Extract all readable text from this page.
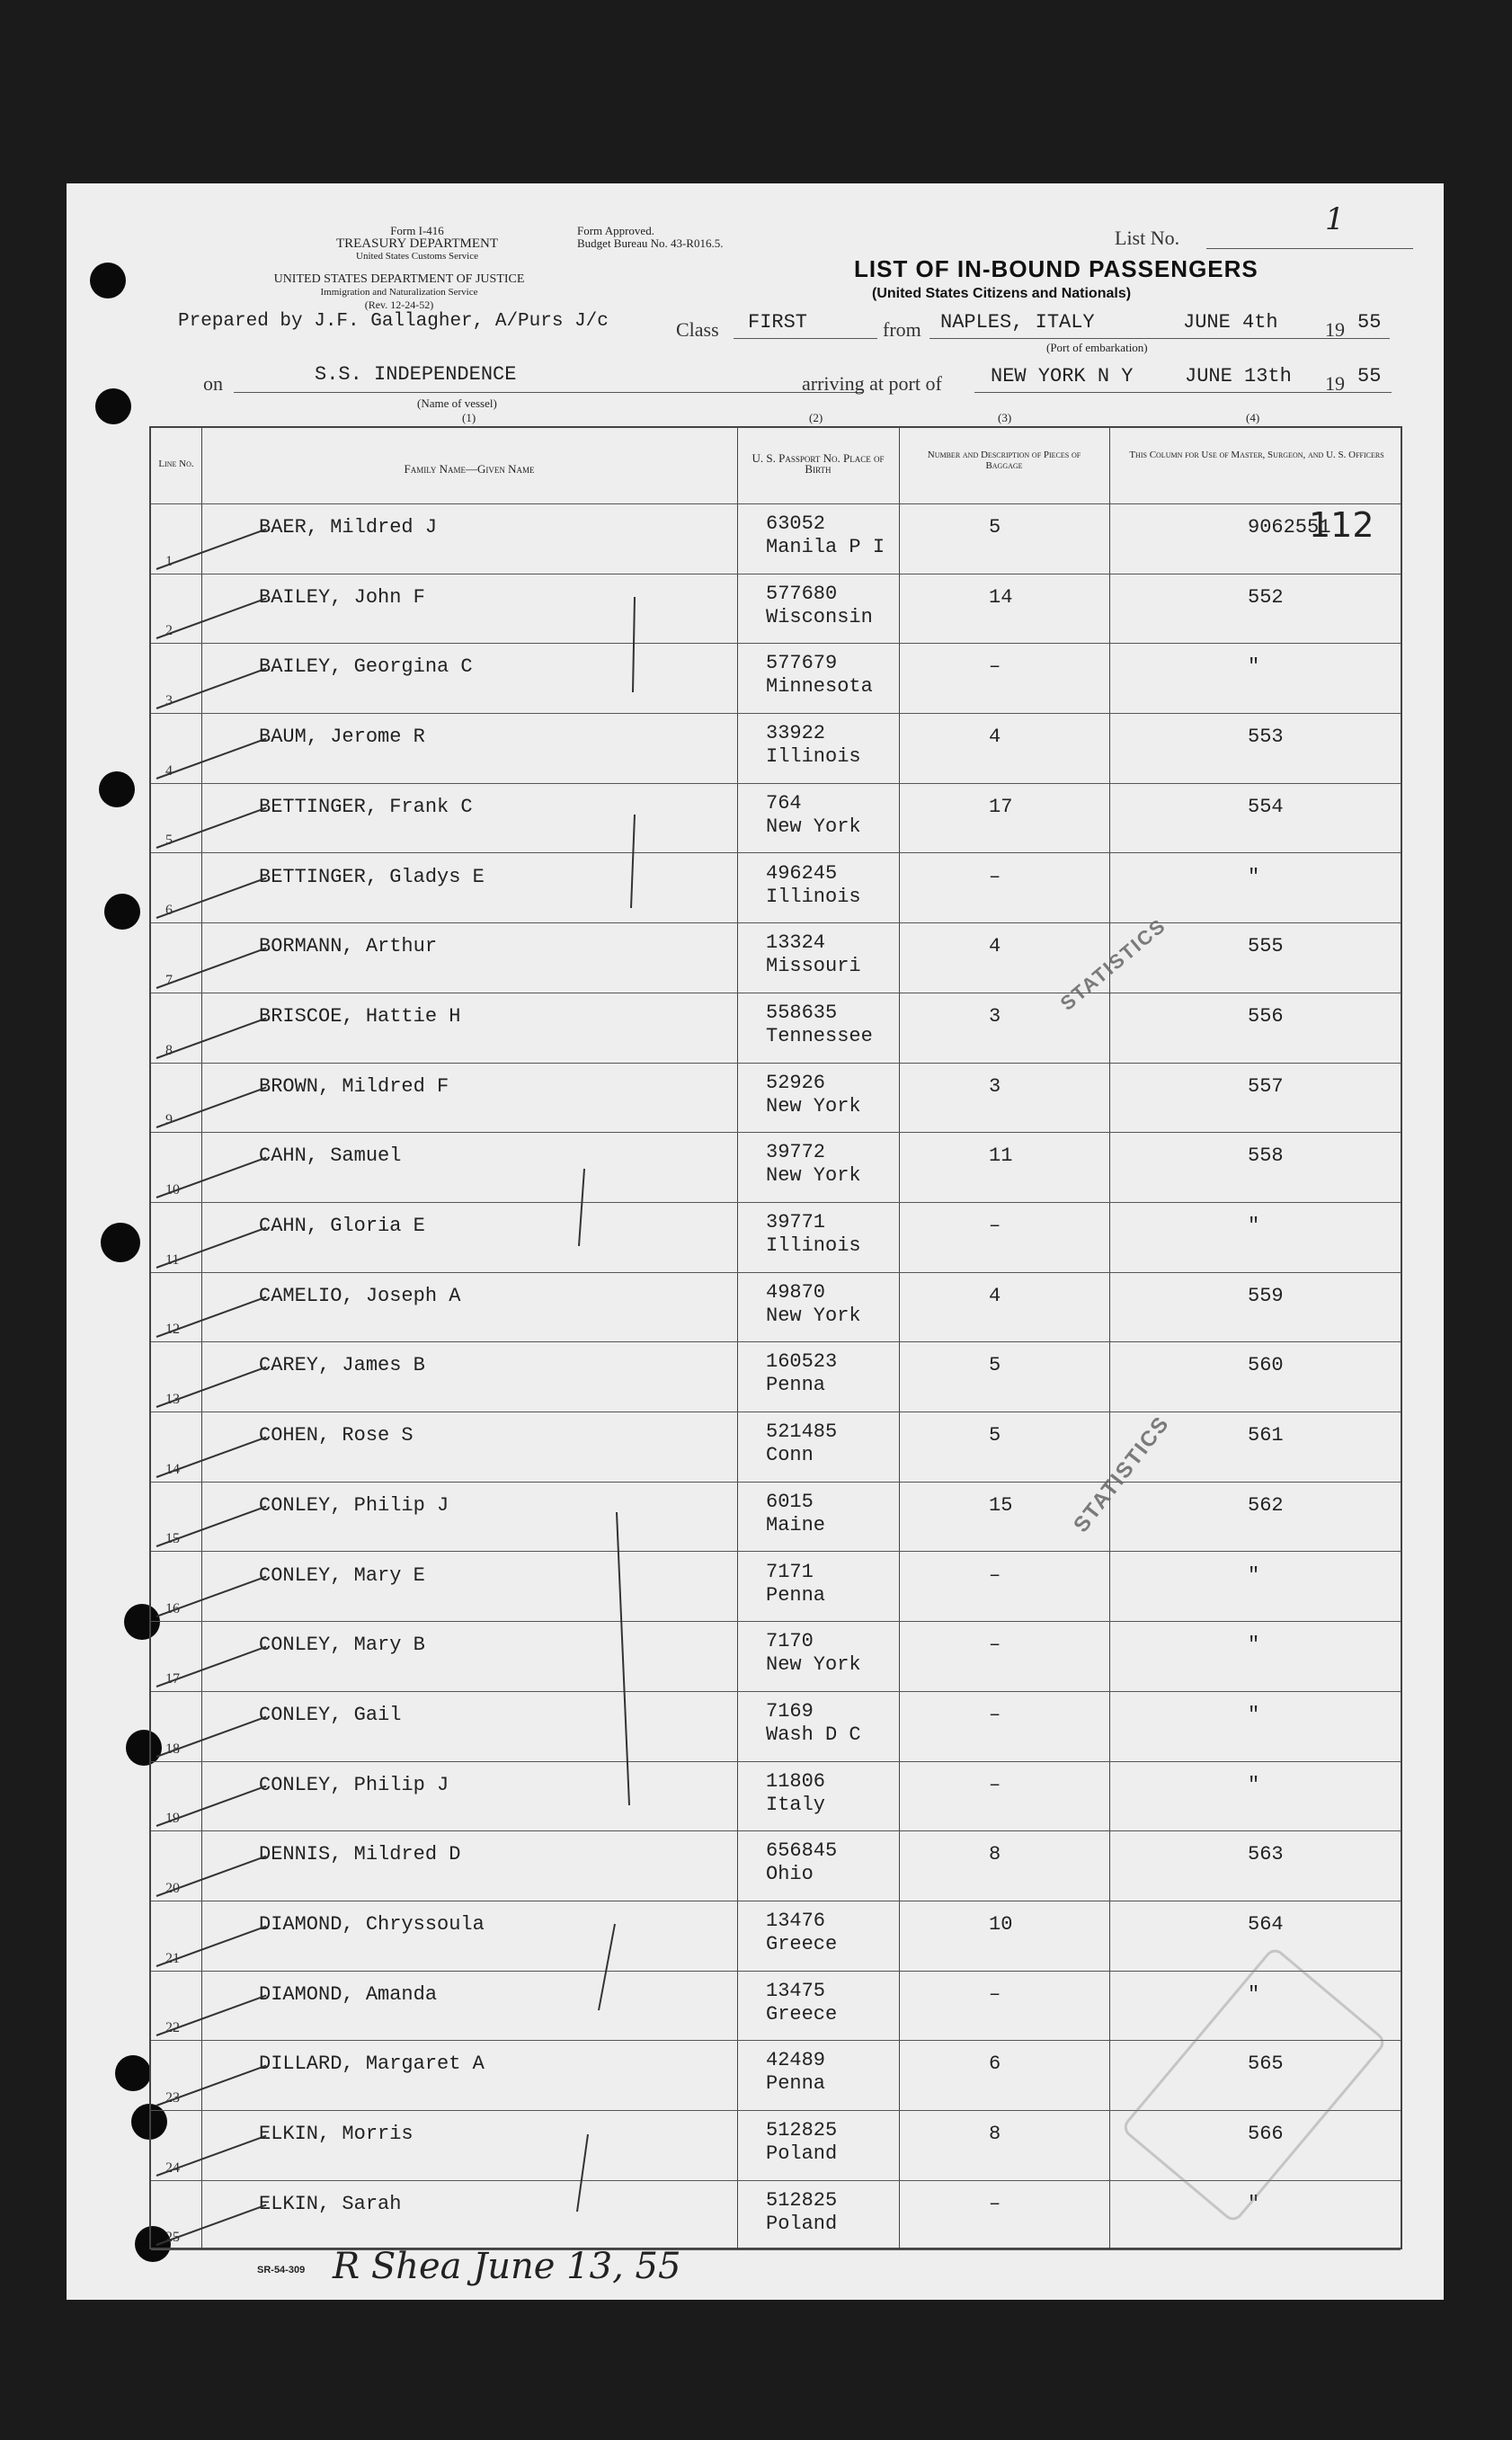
Form I-416
TREASURY DEPARTMENT
United States Customs Service
Form Approved.
Budget Bureau No. 43-R016.5.
UNITED STATES DEPARTMENT OF JUSTICE
Immigration and Naturalization Service
(Rev. 12-24-52)
List No.
1
LIST OF IN-BOUND PASSENGERS
(United States Citizens and Nationals)
Prepared by J.F. Gallagher, A/Purs J/c	Class FIRST	from NAPLES, ITALY	JUNE 4th 19 55
(Port of embarkation)
on	S.S. INDEPENDENCE
(Name of vessel)
(1)	(2)	(3)	(4)
arriving at port of NEW YORK N Y	JUNE 13th 19 55
Line No.	Family Name—Given Name
U. S. Passport No. Place of Birth
Number and Description of Pieces of Baggage
This Column for Use of Master, Surgeon, and U. S. Officers
1
BAER, Mildred J	63052
Manila P I
5	9062551
2
BAILEY, John F	577680
Wisconsin
14	552
3
BAILEY, Georgina C	577679
Minnesota
–	"
4
BAUM, Jerome R	33922
Illinois
4	553
5
BETTINGER, Frank C	764
New York
17	554
6
BETTINGER, Gladys E	496245
Illinois
–	"
7
BORMANN, Arthur	13324
Missouri
4	555
8
BRISCOE, Hattie H	558635
Tennessee
3	556
9
BROWN, Mildred F	52926
New York
3	557
10
CAHN, Samuel	39772
New York
11	558
11
CAHN, Gloria E	39771
Illinois
–	"
12
CAMELIO, Joseph A	49870
New York
4	559
13
CAREY, James B	160523
Penna
5	560
14
COHEN, Rose S	521485
Conn
5	561
15
CONLEY, Philip J	6015
Maine
15	562
16
CONLEY, Mary E	7171
Penna
–	"
17
CONLEY, Mary B	7170
New York
–	"
18
CONLEY, Gail	7169
Wash D C
–	"
19
CONLEY, Philip J	11806
Italy
–	"
20
DENNIS, Mildred D	656845
Ohio
8	563
21
DIAMOND, Chryssoula	13476
Greece
10	564
22
DIAMOND, Amanda	13475
Greece
–	"
23
DILLARD, Margaret A	42489
Penna
6	565
24
ELKIN, Morris	512825
Poland
8	566
25
ELKIN, Sarah	512825
Poland
–	"
112
STATISTICS
STATISTICS
SR-54-309 R Shea June 13, 55
